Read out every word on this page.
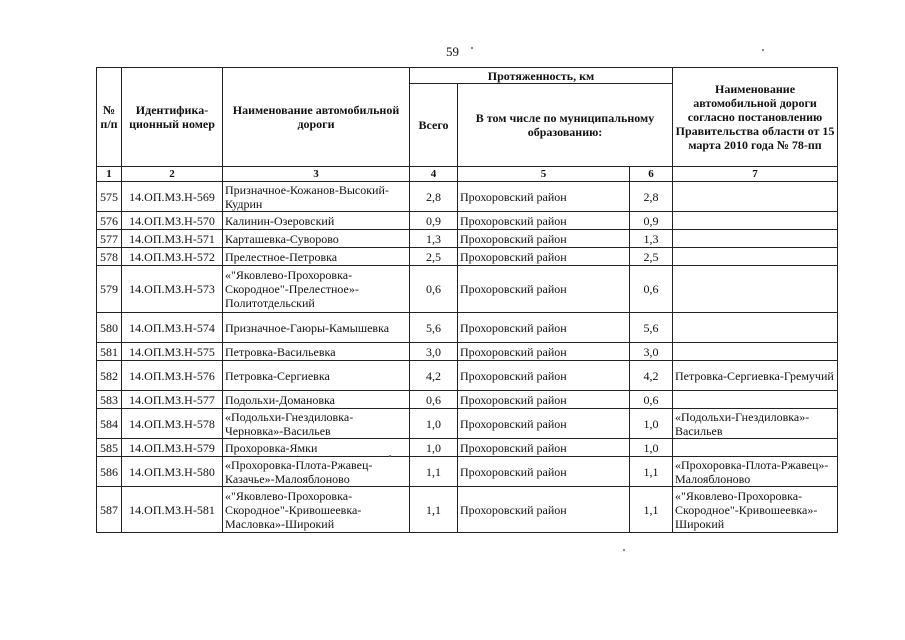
59
№ п/п	Идентифика-ционный номер	Наименование автомобильной дороги	Протяженность, км			Наименование автомобильной дороги согласно постановлению Правительства области от 15 марта 2010 года № 78-пп
			Всего	В том числе по муниципальному образованию:		
1	2	3	4	5	6	7
575	14.ОП.МЗ.Н-569	Призначное-Кожанов-Высокий-Кудрин	2,8	Прохоровский район	2,8	
576	14.ОП.МЗ.Н-570	Калинин-Озеровский	0,9	Прохоровский район	0,9	
577	14.ОП.МЗ.Н-571	Карташевка-Суворово	1,3	Прохоровский район	1,3	
578	14.ОП.МЗ.Н-572	Прелестное-Петровка	2,5	Прохоровский район	2,5	
579	14.ОП.МЗ.Н-573	«"Яковлево-Прохоровка-Скородное"-Прелестное»-Политотдельский	0,6	Прохоровский район	0,6	
580	14.ОП.МЗ.Н-574	Призначное-Гаюры-Камышевка	5,6	Прохоровский район	5,6	
581	14.ОП.МЗ.Н-575	Петровка-Васильевка	3,0	Прохоровский район	3,0	
582	14.ОП.МЗ.Н-576	Петровка-Сергиевка	4,2	Прохоровский район	4,2	Петровка-Сергиевка-Гремучий
583	14.ОП.МЗ.Н-577	Подольхи-Домановка	0,6	Прохоровский район	0,6	
584	14.ОП.МЗ.Н-578	«Подольхи-Гнездиловка-Черновка»-Васильев	1,0	Прохоровский район	1,0	«Подольхи-Гнездиловка»-Васильев
585	14.ОП.МЗ.Н-579	Прохоровка-Ямки	1,0	Прохоровский район	1,0	
586	14.ОП.МЗ.Н-580	«Прохоровка-Плота-Ржавец-Казачье»-Малояблоново	1,1	Прохоровский район	1,1	«Прохоровка-Плота-Ржавец»-Малояблоново
587	14.ОП.МЗ.Н-581	«"Яковлево-Прохоровка-Скородное"-Кривошеевка-Масловка»-Широкий	1,1	Прохоровский район	1,1	«"Яковлево-Прохоровка-Скородное"-Кривошеевка»-Широкий
